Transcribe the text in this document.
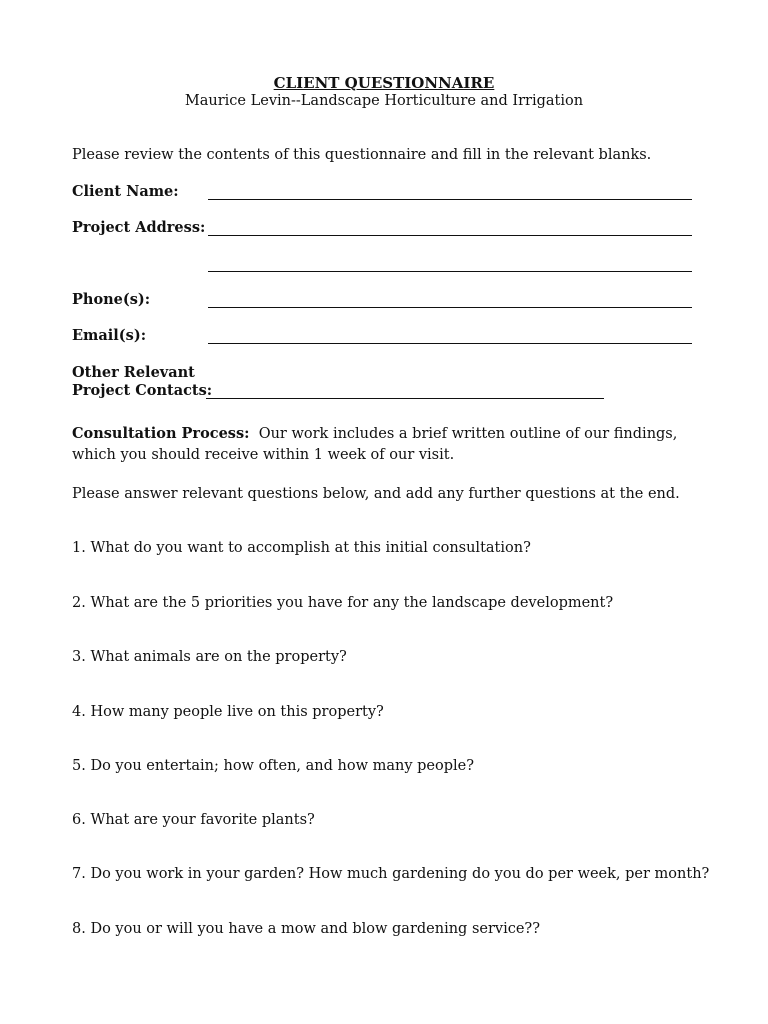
CLIENT QUESTIONNAIRE
Maurice Levin--Landscape Horticulture and Irrigation
Please review the contents of this questionnaire and fill in the relevant blanks.
Client Name:
Project Address:
Phone(s):
Email(s):
Other Relevant
Project Contacts:
Consultation Process: Our work includes a brief written outline of our findings, which you should receive within 1 week of our visit.
Please answer relevant questions below, and add any further questions at the end.
1. What do you want to accomplish at this initial consultation?
2. What are the 5 priorities you have for any the landscape development?
3. What animals are on the property?
4. How many people live on this property?
5. Do you entertain; how often, and how many people?
6. What are your favorite plants?
7. Do you work in your garden? How much gardening do you do per week, per month?
8. Do you or will you have a mow and blow gardening service??
